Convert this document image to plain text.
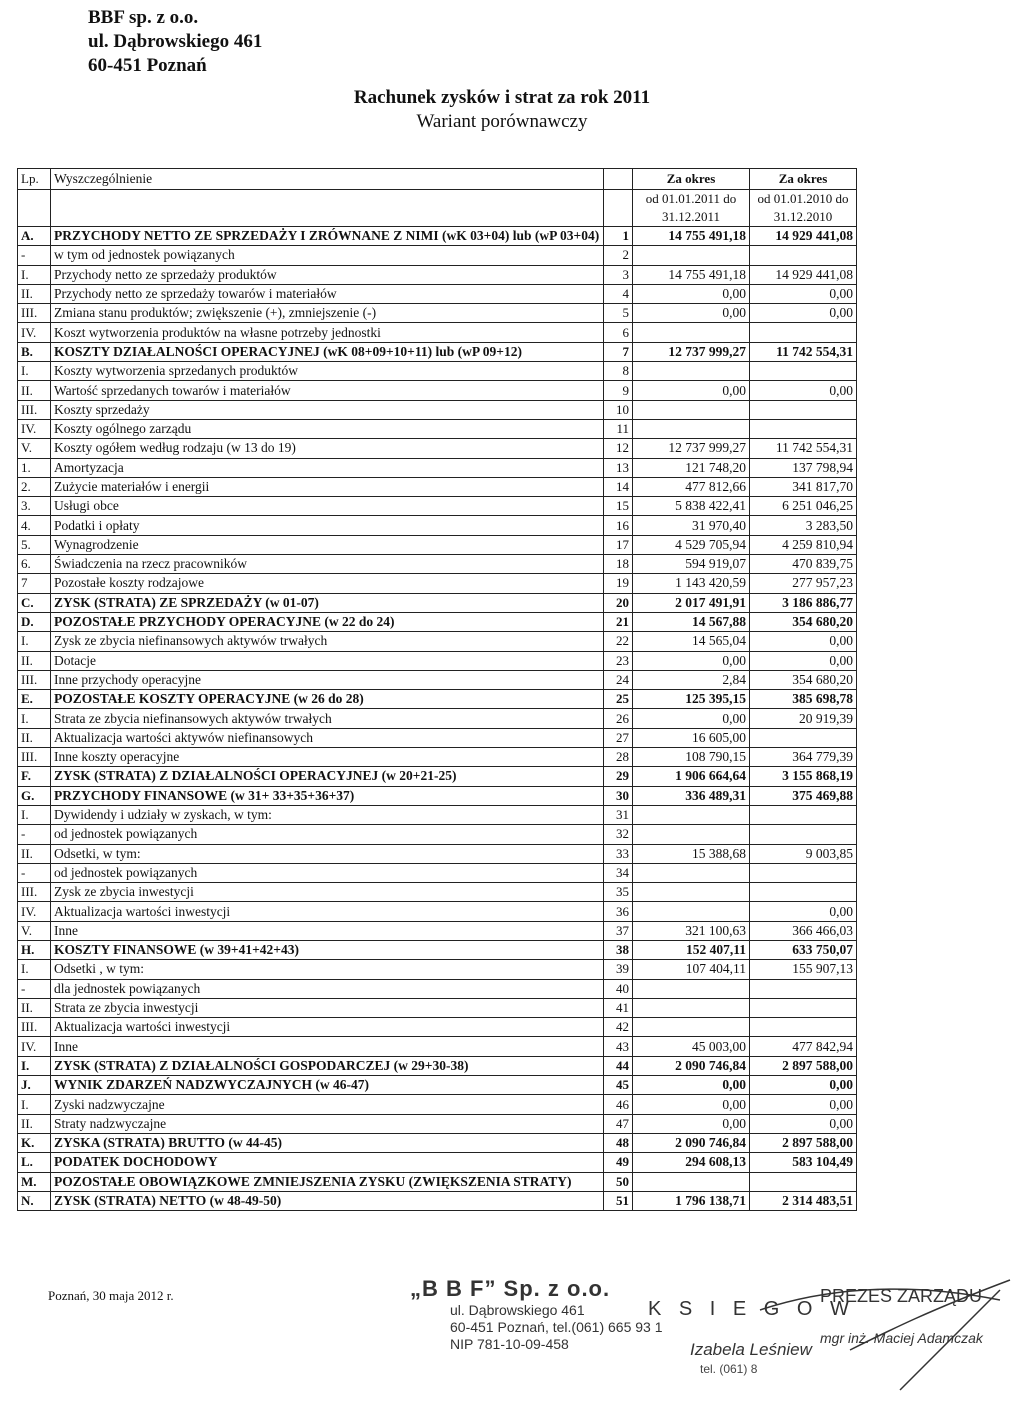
BBF sp. z o.o.
ul. Dąbrowskiego 461
60-451 Poznań
Rachunek zysków i strat za rok 2011
Wariant porównawczy
Lp.	Wyszczególnienie		Za okres	Za okres
			od 01.01.2011 do 31.12.2011	od 01.01.2010 do 31.12.2010
A.	PRZYCHODY NETTO ZE SPRZEDAŻY I ZRÓWNANE Z NIMI (wK 03+04) lub (wP 03+04)	1	14 755 491,18	14 929 441,08
-	w tym od jednostek powiązanych	2		
I.	Przychody netto ze sprzedaży produktów	3	14 755 491,18	14 929 441,08
II.	Przychody netto ze sprzedaży towarów i materiałów	4	0,00	0,00
III.	Zmiana stanu produktów; zwiększenie (+), zmniejszenie (-)	5	0,00	0,00
IV.	Koszt wytworzenia produktów na własne potrzeby jednostki	6		
B.	KOSZTY DZIAŁALNOŚCI OPERACYJNEJ (wK 08+09+10+11) lub (wP 09+12)	7	12 737 999,27	11 742 554,31
I.	Koszty wytworzenia sprzedanych produktów	8		
II.	Wartość sprzedanych towarów i materiałów	9	0,00	0,00
III.	Koszty sprzedaży	10		
IV.	Koszty ogólnego zarządu	11		
V.	Koszty ogółem według rodzaju (w 13 do 19)	12	12 737 999,27	11 742 554,31
1.	Amortyzacja	13	121 748,20	137 798,94
2.	Zużycie materiałów i energii	14	477 812,66	341 817,70
3.	Usługi obce	15	5 838 422,41	6 251 046,25
4.	Podatki i opłaty	16	31 970,40	3 283,50
5.	Wynagrodzenie	17	4 529 705,94	4 259 810,94
6.	Świadczenia na rzecz pracowników	18	594 919,07	470 839,75
7	Pozostałe koszty rodzajowe	19	1 143 420,59	277 957,23
C.	ZYSK (STRATA) ZE SPRZEDAŻY (w 01-07)	20	2 017 491,91	3 186 886,77
D.	POZOSTAŁE PRZYCHODY OPERACYJNE (w 22 do 24)	21	14 567,88	354 680,20
I.	Zysk ze zbycia niefinansowych aktywów trwałych	22	14 565,04	0,00
II.	Dotacje	23	0,00	0,00
III.	Inne przychody operacyjne	24	2,84	354 680,20
E.	POZOSTAŁE KOSZTY OPERACYJNE (w 26 do 28)	25	125 395,15	385 698,78
I.	Strata ze zbycia niefinansowych aktywów trwałych	26	0,00	20 919,39
II.	Aktualizacja wartości aktywów niefinansowych	27	16 605,00	
III.	Inne koszty operacyjne	28	108 790,15	364 779,39
F.	ZYSK (STRATA) Z DZIAŁALNOŚCI OPERACYJNEJ (w 20+21-25)	29	1 906 664,64	3 155 868,19
G.	PRZYCHODY FINANSOWE (w 31+ 33+35+36+37)	30	336 489,31	375 469,88
I.	Dywidendy i udziały w zyskach, w tym:	31		
-	od jednostek powiązanych	32		
II.	Odsetki, w tym:	33	15 388,68	9 003,85
-	od jednostek powiązanych	34		
III.	Zysk ze zbycia inwestycji	35		
IV.	Aktualizacja wartości inwestycji	36		0,00
V.	Inne	37	321 100,63	366 466,03
H.	KOSZTY FINANSOWE (w 39+41+42+43)	38	152 407,11	633 750,07
I.	Odsetki , w tym:	39	107 404,11	155 907,13
-	dla jednostek powiązanych	40		
II.	Strata ze zbycia inwestycji	41		
III.	Aktualizacja wartości inwestycji	42		
IV.	Inne	43	45 003,00	477 842,94
I.	ZYSK (STRATA) Z DZIAŁALNOŚCI GOSPODARCZEJ (w 29+30-38)	44	2 090 746,84	2 897 588,00
J.	WYNIK ZDARZEŃ NADZWYCZAJNYCH (w 46-47)	45	0,00	0,00
I.	Zyski nadzwyczajne	46	0,00	0,00
II.	Straty nadzwyczajne	47	0,00	0,00
K.	ZYSKA (STRATA) BRUTTO (w 44-45)	48	2 090 746,84	2 897 588,00
L.	PODATEK DOCHODOWY	49	294 608,13	583 104,49
M.	POZOSTAŁE OBOWIĄZKOWE ZMNIEJSZENIA ZYSKU (ZWIĘKSZENIA STRATY)	50		
N.	ZYSK (STRATA) NETTO (w 48-49-50)	51	1 796 138,71	2 314 483,51
Poznań, 30 maja 2012 r.	„B B F” Sp. z o.o.
ul. Dąbrowskiego 461
60-451 Poznań, tel.(061) 665 93 1
NIP 781-10-09-458
K S I E G O W
PREZES ZARZĄDU
Izabela Leśniew
mgr inż. Maciej Adamczak
tel. (061) 8
